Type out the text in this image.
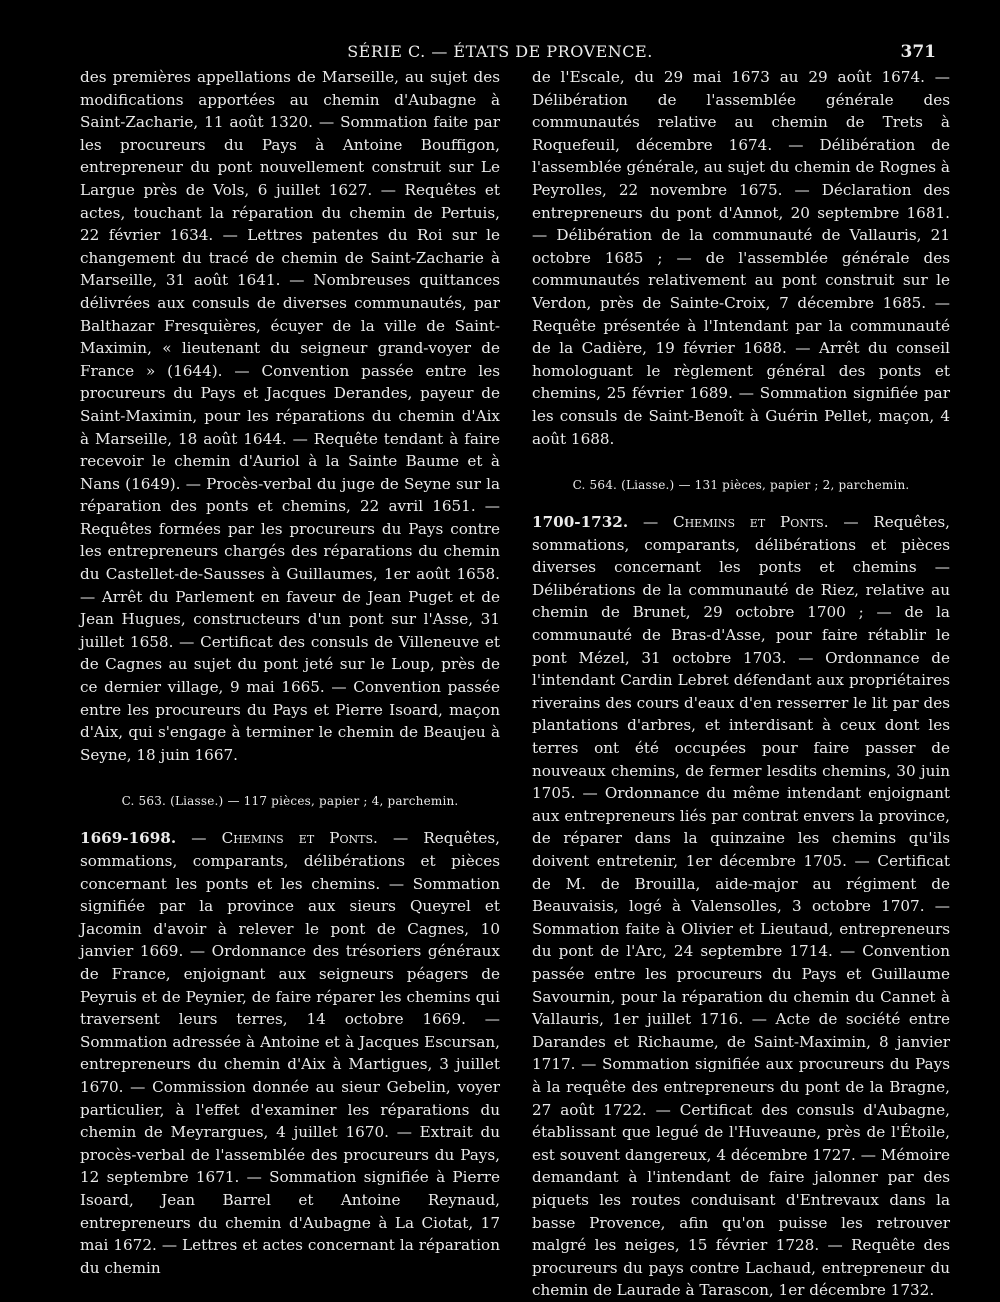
SÉRIE C. — ÉTATS DE PROVENCE.	371

des premières appellations de Marseille, au sujet des modifications apportées au chemin d'Aubagne à Saint-Zacharie, 11 août 1320. — Sommation faite par les procureurs du Pays à Antoine Bouffigon, entrepreneur du pont nouvellement construit sur Le Largue près de Vols, 6 juillet 1627. — Requêtes et actes, touchant la réparation du chemin de Pertuis, 22 février 1634. — Lettres patentes du Roi sur le changement du tracé de chemin de Saint-Zacharie à Marseille, 31 août 1641. — Nombreuses quittances délivrées aux consuls de diverses communautés, par Balthazar Fresquières, écuyer de la ville de Saint-Maximin, « lieutenant du seigneur grand-voyer de France » (1644). — Convention passée entre les procureurs du Pays et Jacques Derandes, payeur de Saint-Maximin, pour les réparations du chemin d'Aix à Marseille, 18 août 1644. — Requête tendant à faire recevoir le chemin d'Auriol à la Sainte Baume et à Nans (1649). — Procès-verbal du juge de Seyne sur la réparation des ponts et chemins, 22 avril 1651. — Requêtes formées par les procureurs du Pays contre les entrepreneurs chargés des réparations du chemin du Castellet-de-Sausses à Guillaumes, 1er août 1658. — Arrêt du Parlement en faveur de Jean Puget et de Jean Hugues, constructeurs d'un pont sur l'Asse, 31 juillet 1658. — Certificat des consuls de Villeneuve et de Cagnes au sujet du pont jeté sur le Loup, près de ce dernier village, 9 mai 1665. — Convention passée entre les procureurs du Pays et Pierre Isoard, maçon d'Aix, qui s'engage à terminer le chemin de Beaujeu à Seyne, 18 juin 1667.

C. 563. (Liasse.) — 117 pièces, papier ; 4, parchemin.

1669-1698. — Chemins et Ponts. — Requêtes, sommations, comparants, délibérations et pièces concernant les ponts et les chemins. — Sommation signifiée par la province aux sieurs Queyrel et Jacomin d'avoir à relever le pont de Cagnes, 10 janvier 1669. — Ordonnance des trésoriers généraux de France, enjoignant aux seigneurs péagers de Peyruis et de Peynier, de faire réparer les chemins qui traversent leurs terres, 14 octobre 1669. — Sommation adressée à Antoine et à Jacques Escursan, entrepreneurs du chemin d'Aix à Martigues, 3 juillet 1670. — Commission donnée au sieur Gebelin, voyer particulier, à l'effet d'examiner les réparations du chemin de Meyrargues, 4 juillet 1670. — Extrait du procès-verbal de l'assemblée des procureurs du Pays, 12 septembre 1671. — Sommation signifiée à Pierre Isoard, Jean Barrel et Antoine Reynaud, entrepreneurs du chemin d'Aubagne à La Ciotat, 17 mai 1672. — Lettres et actes concernant la réparation du chemin

de l'Escale, du 29 mai 1673 au 29 août 1674. — Délibération de l'assemblée générale des communautés relative au chemin de Trets à Roquefeuil, décembre 1674. — Délibération de l'assemblée générale, au sujet du chemin de Rognes à Peyrolles, 22 novembre 1675. — Déclaration des entrepreneurs du pont d'Annot, 20 septembre 1681. — Délibération de la communauté de Vallauris, 21 octobre 1685 ; — de l'assemblée générale des communautés relativement au pont construit sur le Verdon, près de Sainte-Croix, 7 décembre 1685. — Requête présentée à l'Intendant par la communauté de la Cadière, 19 février 1688. — Arrêt du conseil homologuant le règlement général des ponts et chemins, 25 février 1689. — Sommation signifiée par les consuls de Saint-Benoît à Guérin Pellet, maçon, 4 août 1688.

C. 564. (Liasse.) — 131 pièces, papier ; 2, parchemin.

1700-1732. — Chemins et Ponts. — Requêtes, sommations, comparants, délibérations et pièces diverses concernant les ponts et chemins — Délibérations de la communauté de Riez, relative au chemin de Brunet, 29 octobre 1700 ; — de la communauté de Bras-d'Asse, pour faire rétablir le pont Mézel, 31 octobre 1703. — Ordonnance de l'intendant Cardin Lebret défendant aux propriétaires riverains des cours d'eaux d'en resserrer le lit par des plantations d'arbres, et interdisant à ceux dont les terres ont été occupées pour faire passer de nouveaux chemins, de fermer lesdits chemins, 30 juin 1705. — Ordonnance du même intendant enjoignant aux entrepreneurs liés par contrat envers la province, de réparer dans la quinzaine les chemins qu'ils doivent entretenir, 1er décembre 1705. — Certificat de M. de Brouilla, aide-major au régiment de Beauvaisis, logé à Valensolles, 3 octobre 1707. — Sommation faite à Olivier et Lieutaud, entrepreneurs du pont de l'Arc, 24 septembre 1714. — Convention passée entre les procureurs du Pays et Guillaume Savournin, pour la réparation du chemin du Cannet à Vallauris, 1er juillet 1716. — Acte de société entre Darandes et Richaume, de Saint-Maximin, 8 janvier 1717. — Sommation signifiée aux procureurs du Pays à la requête des entrepreneurs du pont de la Bragne, 27 août 1722. — Certificat des consuls d'Aubagne, établissant que legué de l'Huveaune, près de l'Étoile, est souvent dangereux, 4 décembre 1727. — Mémoire demandant à l'intendant de faire jalonner par des piquets les routes conduisant d'Entrevaux dans la basse Provence, afin qu'on puisse les retrouver malgré les neiges, 15 février 1728. — Requête des procureurs du pays contre Lachaud, entrepreneur du chemin de Laurade à Tarascon, 1er décembre 1732.
